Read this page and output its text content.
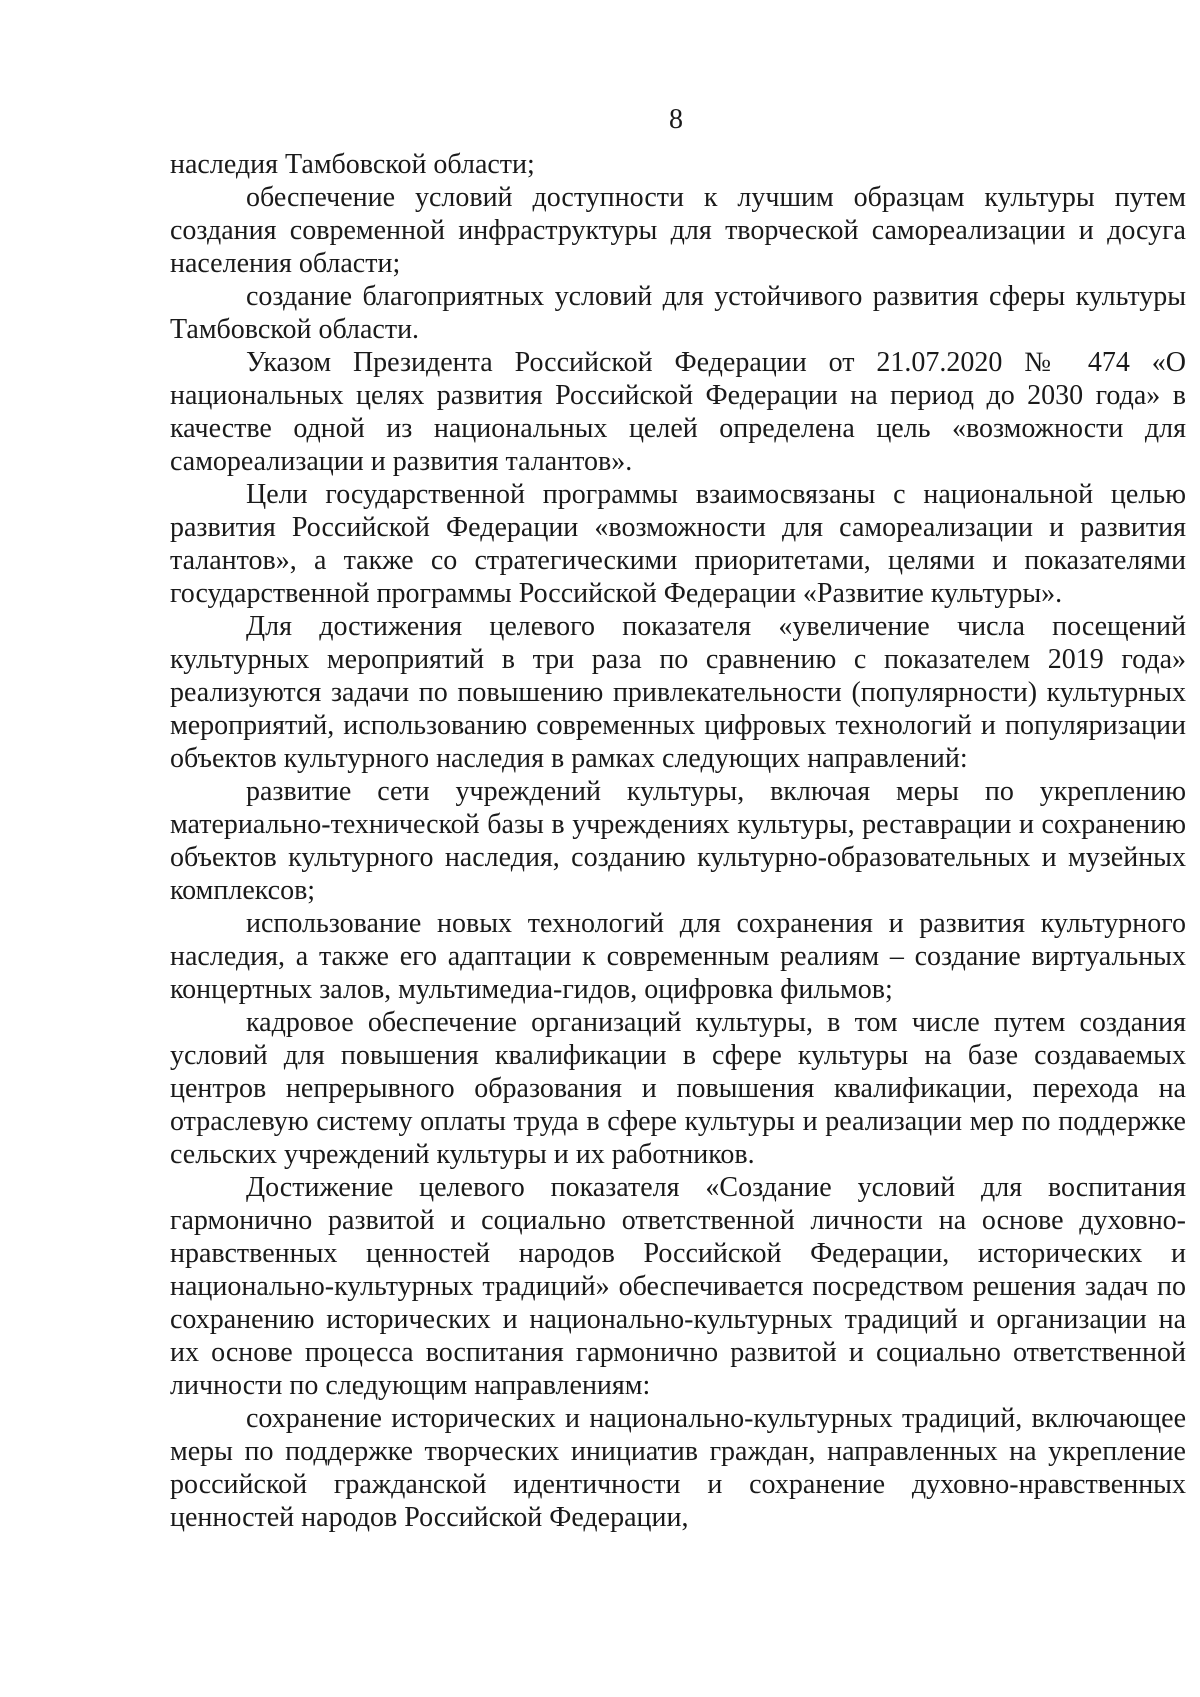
8

наследия Тамбовской области;

обеспечение условий доступности к лучшим образцам культуры путем создания современной инфраструктуры для творческой самореализации и досуга населения области;

создание благоприятных условий для устойчивого развития сферы культуры Тамбовской области.

Указом Президента Российской Федерации от 21.07.2020 № 474 «О национальных целях развития Российской Федерации на период до 2030 года» в качестве одной из национальных целей определена цель «возможности для самореализации и развития талантов».

Цели государственной программы взаимосвязаны с национальной целью развития Российской Федерации «возможности для самореализации и развития талантов», а также со стратегическими приоритетами, целями и показателями государственной программы Российской Федерации «Развитие культуры».

Для достижения целевого показателя «увеличение числа посещений культурных мероприятий в три раза по сравнению с показателем 2019 года» реализуются задачи по повышению привлекательности (популярности) культурных мероприятий, использованию современных цифровых технологий и популяризации объектов культурного наследия в рамках следующих направлений:

развитие сети учреждений культуры, включая меры по укреплению материально-технической базы в учреждениях культуры, реставрации и сохранению объектов культурного наследия, созданию культурно-образовательных и музейных комплексов;

использование новых технологий для сохранения и развития культурного наследия, а также его адаптации к современным реалиям – создание виртуальных концертных залов, мультимедиа-гидов, оцифровка фильмов;

кадровое обеспечение организаций культуры, в том числе путем создания условий для повышения квалификации в сфере культуры на базе создаваемых центров непрерывного образования и повышения квалификации, перехода на отраслевую систему оплаты труда в сфере культуры и реализации мер по поддержке сельских учреждений культуры и их работников.

Достижение целевого показателя «Создание условий для воспитания гармонично развитой и социально ответственной личности на основе духовно-нравственных ценностей народов Российской Федерации, исторических и национально-культурных традиций» обеспечивается посредством решения задач по сохранению исторических и национально-культурных традиций и организации на их основе процесса воспитания гармонично развитой и социально ответственной личности по следующим направлениям:

сохранение исторических и национально-культурных традиций, включающее меры по поддержке творческих инициатив граждан, направленных на укрепление российской гражданской идентичности и сохранение духовно-нравственных ценностей народов Российской Федерации,
